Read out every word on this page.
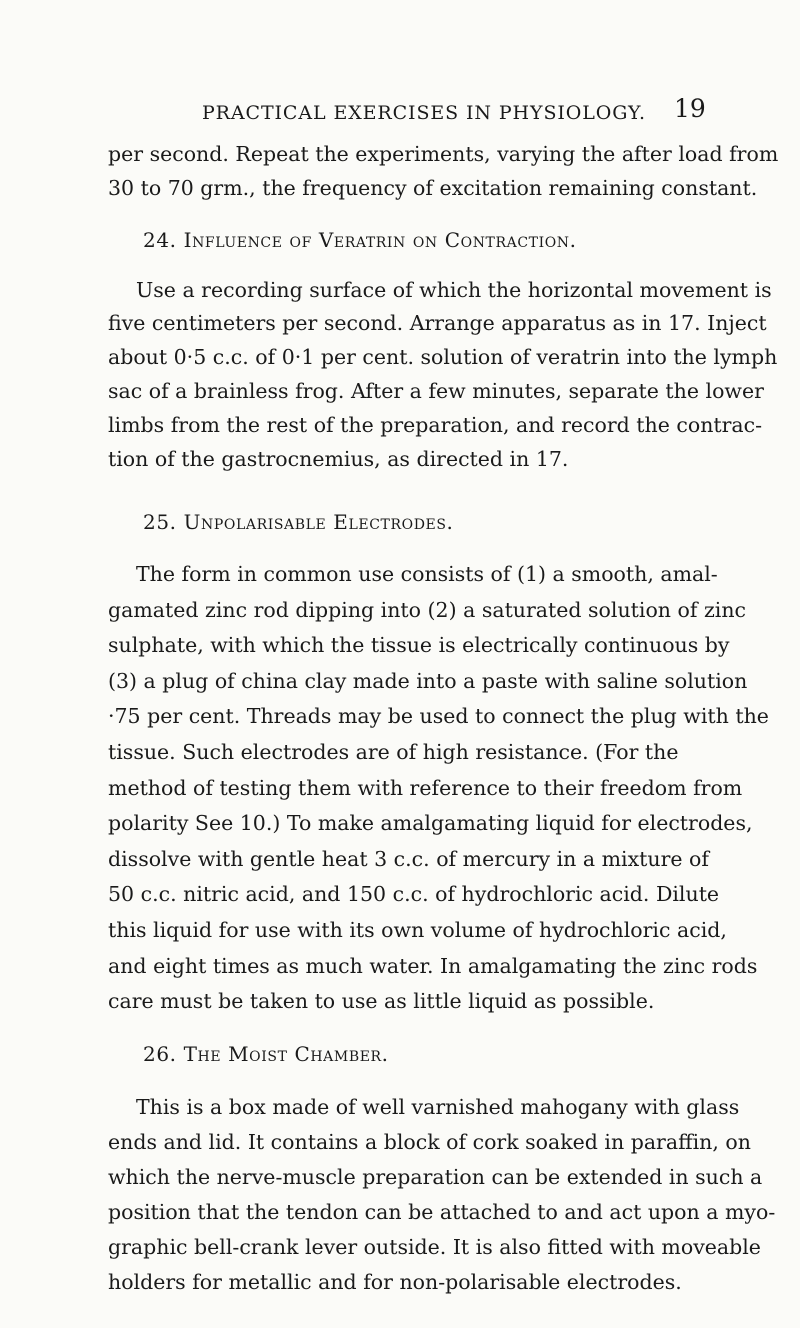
PRACTICAL EXERCISES IN PHYSIOLOGY. 19
per second. Repeat the experiments, varying the after load from
30 to 70 grm., the frequency of excitation remaining constant.
24. Influence of Veratrin on Contraction.
Use a recording surface of which the horizontal movement is
five centimeters per second. Arrange apparatus as in 17. Inject
about 0·5 c.c. of 0·1 per cent. solution of veratrin into the lymph
sac of a brainless frog. After a few minutes, separate the lower
limbs from the rest of the preparation, and record the contrac-
tion of the gastrocnemius, as directed in 17.
25. Unpolarisable Electrodes.
The form in common use consists of (1) a smooth, amal-
gamated zinc rod dipping into (2) a saturated solution of zinc
sulphate, with which the tissue is electrically continuous by
(3) a plug of china clay made into a paste with saline solution
·75 per cent. Threads may be used to connect the plug with the
tissue. Such electrodes are of high resistance. (For the
method of testing them with reference to their freedom from
polarity See 10.) To make amalgamating liquid for electrodes,
dissolve with gentle heat 3 c.c. of mercury in a mixture of
50 c.c. nitric acid, and 150 c.c. of hydrochloric acid. Dilute
this liquid for use with its own volume of hydrochloric acid,
and eight times as much water. In amalgamating the zinc rods
care must be taken to use as little liquid as possible.
26. The Moist Chamber.
This is a box made of well varnished mahogany with glass
ends and lid. It contains a block of cork soaked in paraffin, on
which the nerve-muscle preparation can be extended in such a
position that the tendon can be attached to and act upon a myo-
graphic bell-crank lever outside. It is also fitted with moveable
holders for metallic and for non-polarisable electrodes.
